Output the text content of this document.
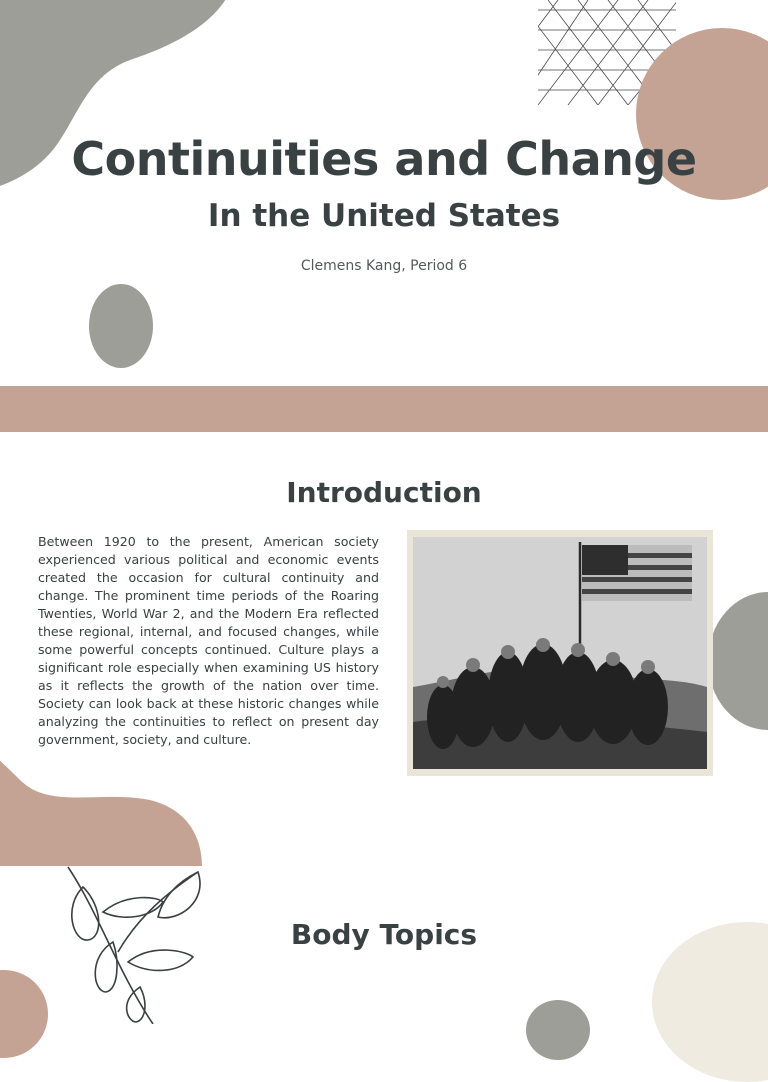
Continuities and Change
In the United States
Clemens Kang, Period 6
Introduction

Between 1920 to the present, American society experienced various political and economic events created the occasion for cultural continuity and change. The prominent time periods of the Roaring Twenties, World War 2, and the Modern Era reflected these regional, internal, and focused changes, while some powerful concepts continued. Culture plays a significant role especially when examining US history as it reflects the growth of the nation over time. Society can look back at these historic changes while analyzing the continuities to reflect on present day government, society, and culture.

Body Topics
